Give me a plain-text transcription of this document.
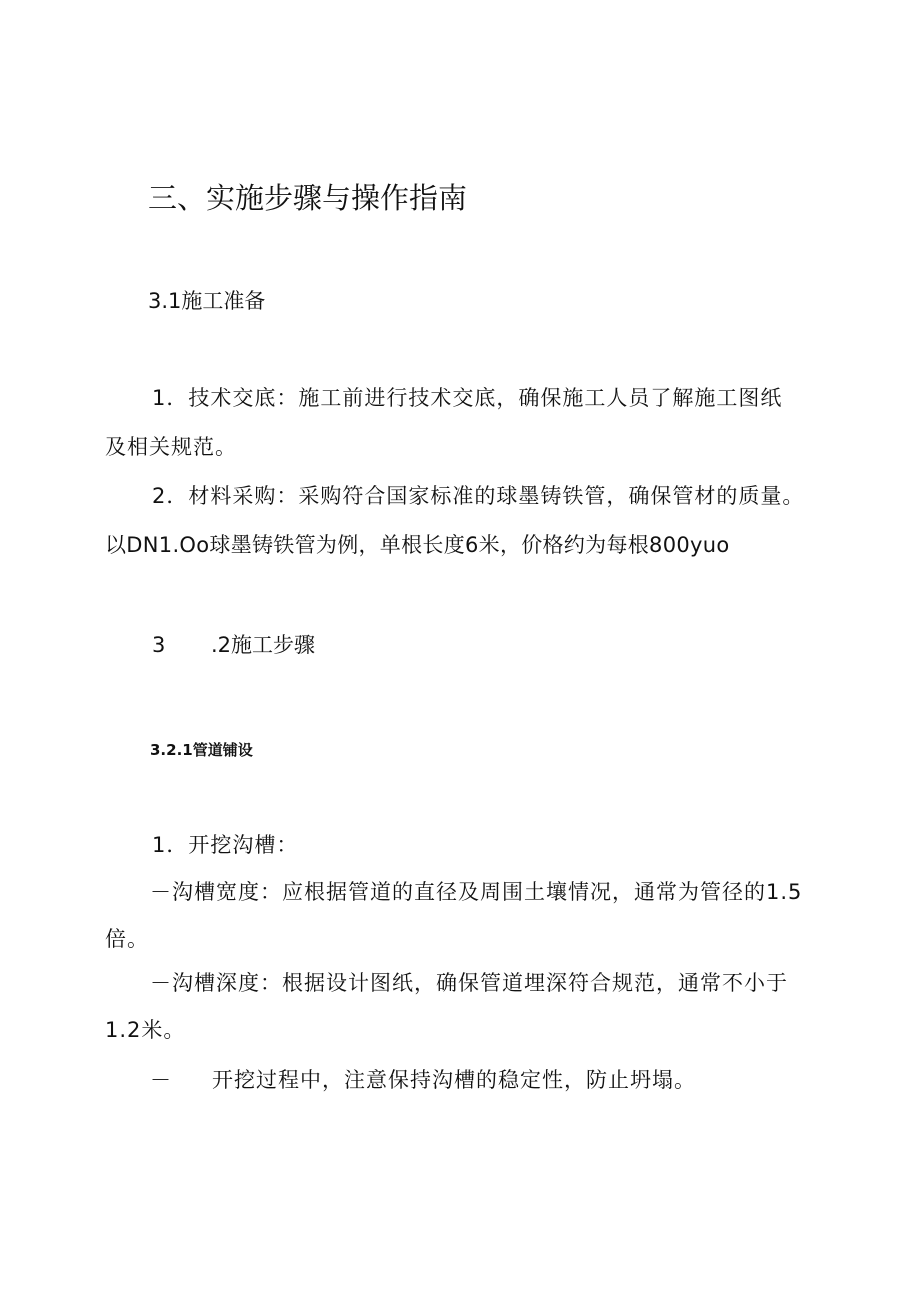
三、实施步骤与操作指南
3.1施工准备

1．技术交底：施工前进行技术交底，确保施工人员了解施工图纸

及相关规范。

2．材料采购：采购符合国家标准的球墨铸铁管，确保管材的质量。

以DN1.Oo球墨铸铁管为例，单根长度6米，价格约为每根800yuo

3 .2施工步骤
3.2.1管道铺设

1．开挖沟槽：

－沟槽宽度：应根据管道的直径及周围土壤情况，通常为管径的1.5

倍。

－沟槽深度：根据设计图纸，确保管道埋深符合规范，通常不小于

1.2米。

－ 开挖过程中，注意保持沟槽的稳定性，防止坍塌。
